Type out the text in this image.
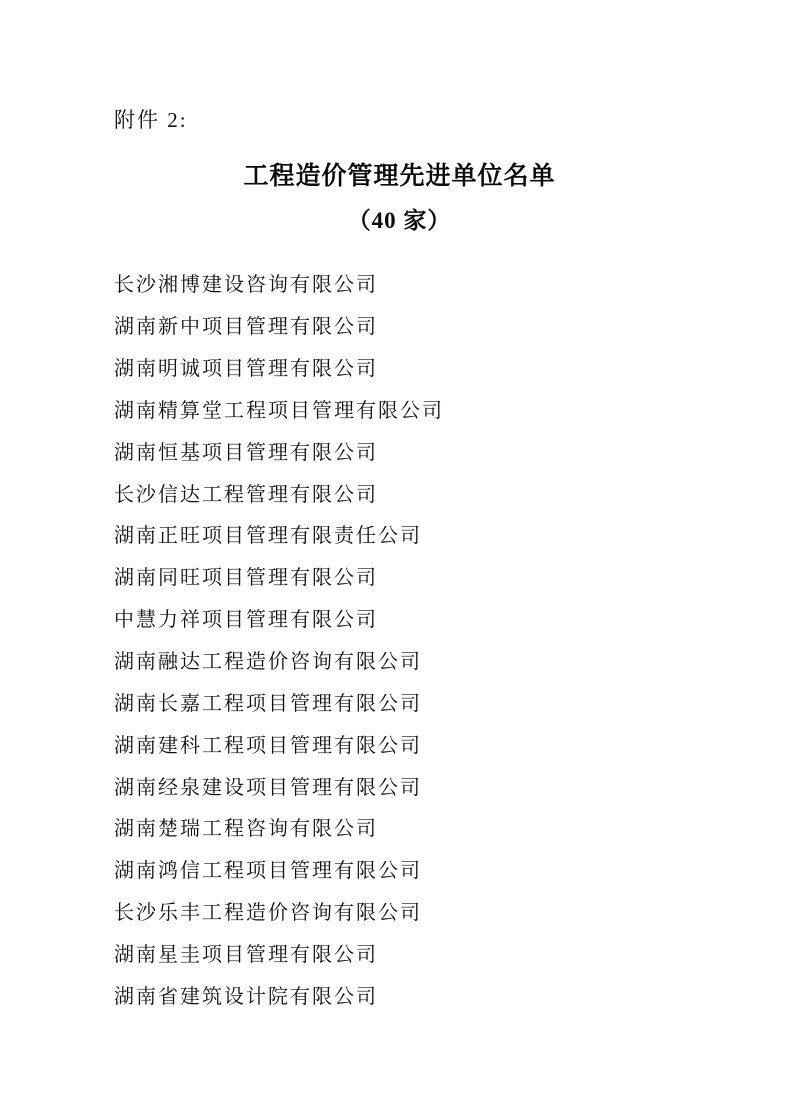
附件 2:
工程造价管理先进单位名单
（40 家）
长沙湘博建设咨询有限公司
湖南新中项目管理有限公司
湖南明诚项目管理有限公司
湖南精算堂工程项目管理有限公司
湖南恒基项目管理有限公司
长沙信达工程管理有限公司
湖南正旺项目管理有限责任公司
湖南同旺项目管理有限公司
中慧力祥项目管理有限公司
湖南融达工程造价咨询有限公司
湖南长嘉工程项目管理有限公司
湖南建科工程项目管理有限公司
湖南经泉建设项目管理有限公司
湖南楚瑞工程咨询有限公司
湖南鸿信工程项目管理有限公司
长沙乐丰工程造价咨询有限公司
湖南星圭项目管理有限公司
湖南省建筑设计院有限公司
